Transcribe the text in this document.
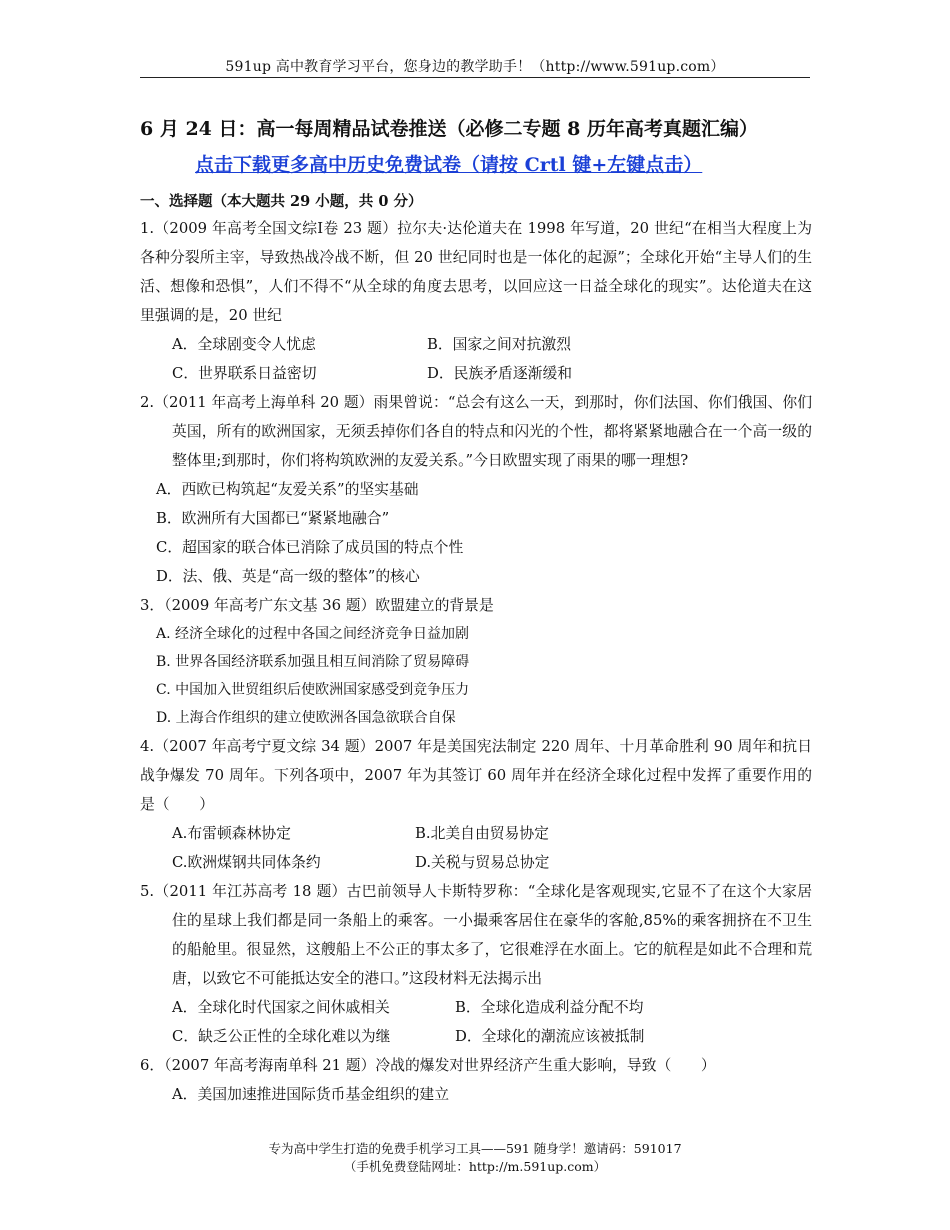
591up 高中教育学习平台，您身边的教学助手！（http://www.591up.com）
6 月 24 日：高一每周精品试卷推送（必修二专题 8 历年高考真题汇编）
点击下载更多高中历史免费试卷（请按 Crtl 键+左键点击）
一、选择题（本大题共 29 小题，共 0 分）

1.（2009 年高考全国文综Ⅰ卷 23 题）拉尔夫·达伦道夫在 1998 年写道，20 世纪“在相当大程度上为各种分裂所主宰，导致热战冷战不断，但 20 世纪同时也是一体化的起源”；全球化开始“主导人们的生活、想像和恐惧”，人们不得不“从全球的角度去思考，以回应这一日益全球化的现实”。达伦道夫在这里强调的是，20 世纪

A．全球剧变令人忧虑	B．国家之间对抗激烈
C．世界联系日益密切	D．民族矛盾逐渐缓和

2.（2011 年高考上海单科 20 题）雨果曾说：“总会有这么一天，到那时，你们法国、你们俄国、你们英国，所有的欧洲国家，无须丢掉你们各自的特点和闪光的个性，都将紧紧地融合在一个高一级的整体里;到那时，你们将构筑欧洲的友爱关系。”今日欧盟实现了雨果的哪一理想?

A．西欧已构筑起“友爱关系”的坚实基础

B．欧洲所有大国都已“紧紧地融合”

C．超国家的联合体已消除了成员国的特点个性

D．法、俄、英是“高一级的整体”的核心

3．（2009 年高考广东文基 36 题）欧盟建立的背景是

A. 经济全球化的过程中各国之间经济竞争日益加剧

B. 世界各国经济联系加强且相互间消除了贸易障碍

C. 中国加入世贸组织后使欧洲国家感受到竞争压力

D. 上海合作组织的建立使欧洲各国急欲联合自保

4.（2007 年高考宁夏文综 34 题）2007 年是美国宪法制定 220 周年、十月革命胜利 90 周年和抗日战争爆发 70 周年。下列各项中，2007 年为其签订 60 周年并在经济全球化过程中发挥了重要作用的是（　　）

A.布雷顿森林协定	B.北美自由贸易协定
C.欧洲煤钢共同体条约	D.关税与贸易总协定

5.（2011 年江苏高考 18 题）古巴前领导人卡斯特罗称：“全球化是客观现实,它显不了在这个大家居住的星球上我们都是同一条船上的乘客。一小撮乘客居住在豪华的客舱,85%的乘客拥挤在不卫生的船舱里。很显然，这艘船上不公正的事太多了，它很难浮在水面上。它的航程是如此不合理和荒唐，以致它不可能抵达安全的港口。”这段材料无法揭示出

A．全球化时代国家之间休戚相关	B．全球化造成利益分配不均
C．缺乏公正性的全球化难以为继	D．全球化的潮流应该被抵制

6．（2007 年高考海南单科 21 题）冷战的爆发对世界经济产生重大影响，导致（　　）

A．美国加速推进国际货币基金组织的建立

专为高中学生打造的免费手机学习工具——591 随身学！邀请码：591017
（手机免费登陆网址：http://m.591up.com）
